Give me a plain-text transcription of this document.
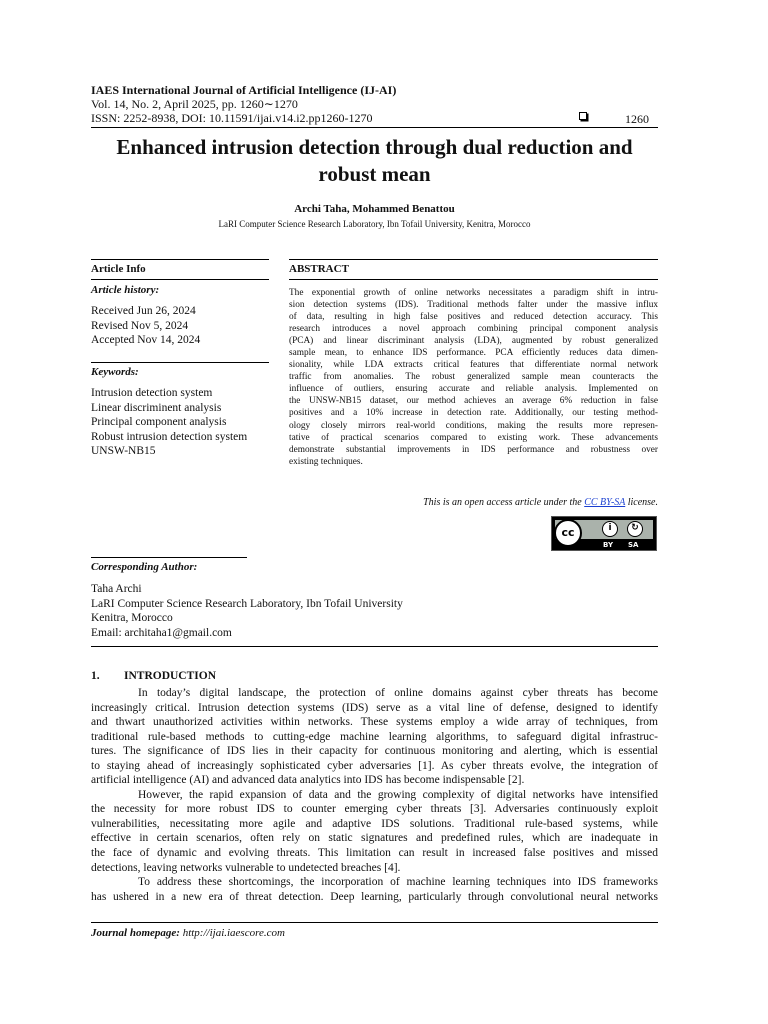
IAES International Journal of Artificial Intelligence (IJ-AI)
Vol. 14, No. 2, April 2025, pp. 1260∼1270
ISSN: 2252-8938, DOI: 10.11591/ijai.v14.i2.pp1260-1270	1260
Enhanced intrusion detection through dual reduction and
robust mean
Archi Taha, Mohammed Benattou
LaRI Computer Science Research Laboratory, Ibn Tofail University, Kenitra, Morocco
Article Info
Article history:
Received Jun 26, 2024
Revised Nov 5, 2024
Accepted Nov 14, 2024
Keywords:
Intrusion detection system
Linear discriminent analysis
Principal component analysis
Robust intrusion detection system
UNSW-NB15
ABSTRACT
The exponential growth of online networks necessitates a paradigm shift in intru-
sion detection systems (IDS). Traditional methods falter under the massive influx
of data, resulting in high false positives and reduced detection accuracy. This
research introduces a novel approach combining principal component analysis
(PCA) and linear discriminant analysis (LDA), augmented by robust generalized
sample mean, to enhance IDS performance. PCA efficiently reduces data dimen-
sionality, while LDA extracts critical features that differentiate normal network
traffic from anomalies. The robust generalized sample mean counteracts the
influence of outliers, ensuring accurate and reliable analysis. Implemented on
the UNSW-NB15 dataset, our method achieves an average 6% reduction in false
positives and a 10% increase in detection rate. Additionally, our testing method-
ology closely mirrors real-world conditions, making the results more represen-
tative of practical scenarios compared to existing work. These advancements
demonstrate substantial improvements in IDS performance and robustness over
existing techniques.
This is an open access article under the CC BY-SA license.
cc	i	↻
BY SA
Corresponding Author:
Taha Archi
LaRI Computer Science Research Laboratory, Ibn Tofail University
Kenitra, Morocco
Email: architaha1@gmail.com
1. INTRODUCTION
In today’s digital landscape, the protection of online domains against cyber threats has become
increasingly critical. Intrusion detection systems (IDS) serve as a vital line of defense, designed to identify
and thwart unauthorized activities within networks. These systems employ a wide array of techniques, from
traditional rule-based methods to cutting-edge machine learning algorithms, to safeguard digital infrastruc-
tures. The significance of IDS lies in their capacity for continuous monitoring and alerting, which is essential
to staying ahead of increasingly sophisticated cyber adversaries [1]. As cyber threats evolve, the integration of
artificial intelligence (AI) and advanced data analytics into IDS has become indispensable [2].
However, the rapid expansion of data and the growing complexity of digital networks have intensified
the necessity for more robust IDS to counter emerging cyber threats [3]. Adversaries continuously exploit
vulnerabilities, necessitating more agile and adaptive IDS solutions. Traditional rule-based systems, while
effective in certain scenarios, often rely on static signatures and predefined rules, which are inadequate in
the face of dynamic and evolving threats. This limitation can result in increased false positives and missed
detections, leaving networks vulnerable to undetected breaches [4].
To address these shortcomings, the incorporation of machine learning techniques into IDS frameworks
has ushered in a new era of threat detection. Deep learning, particularly through convolutional neural networks
Journal homepage: http://ijai.iaescore.com
